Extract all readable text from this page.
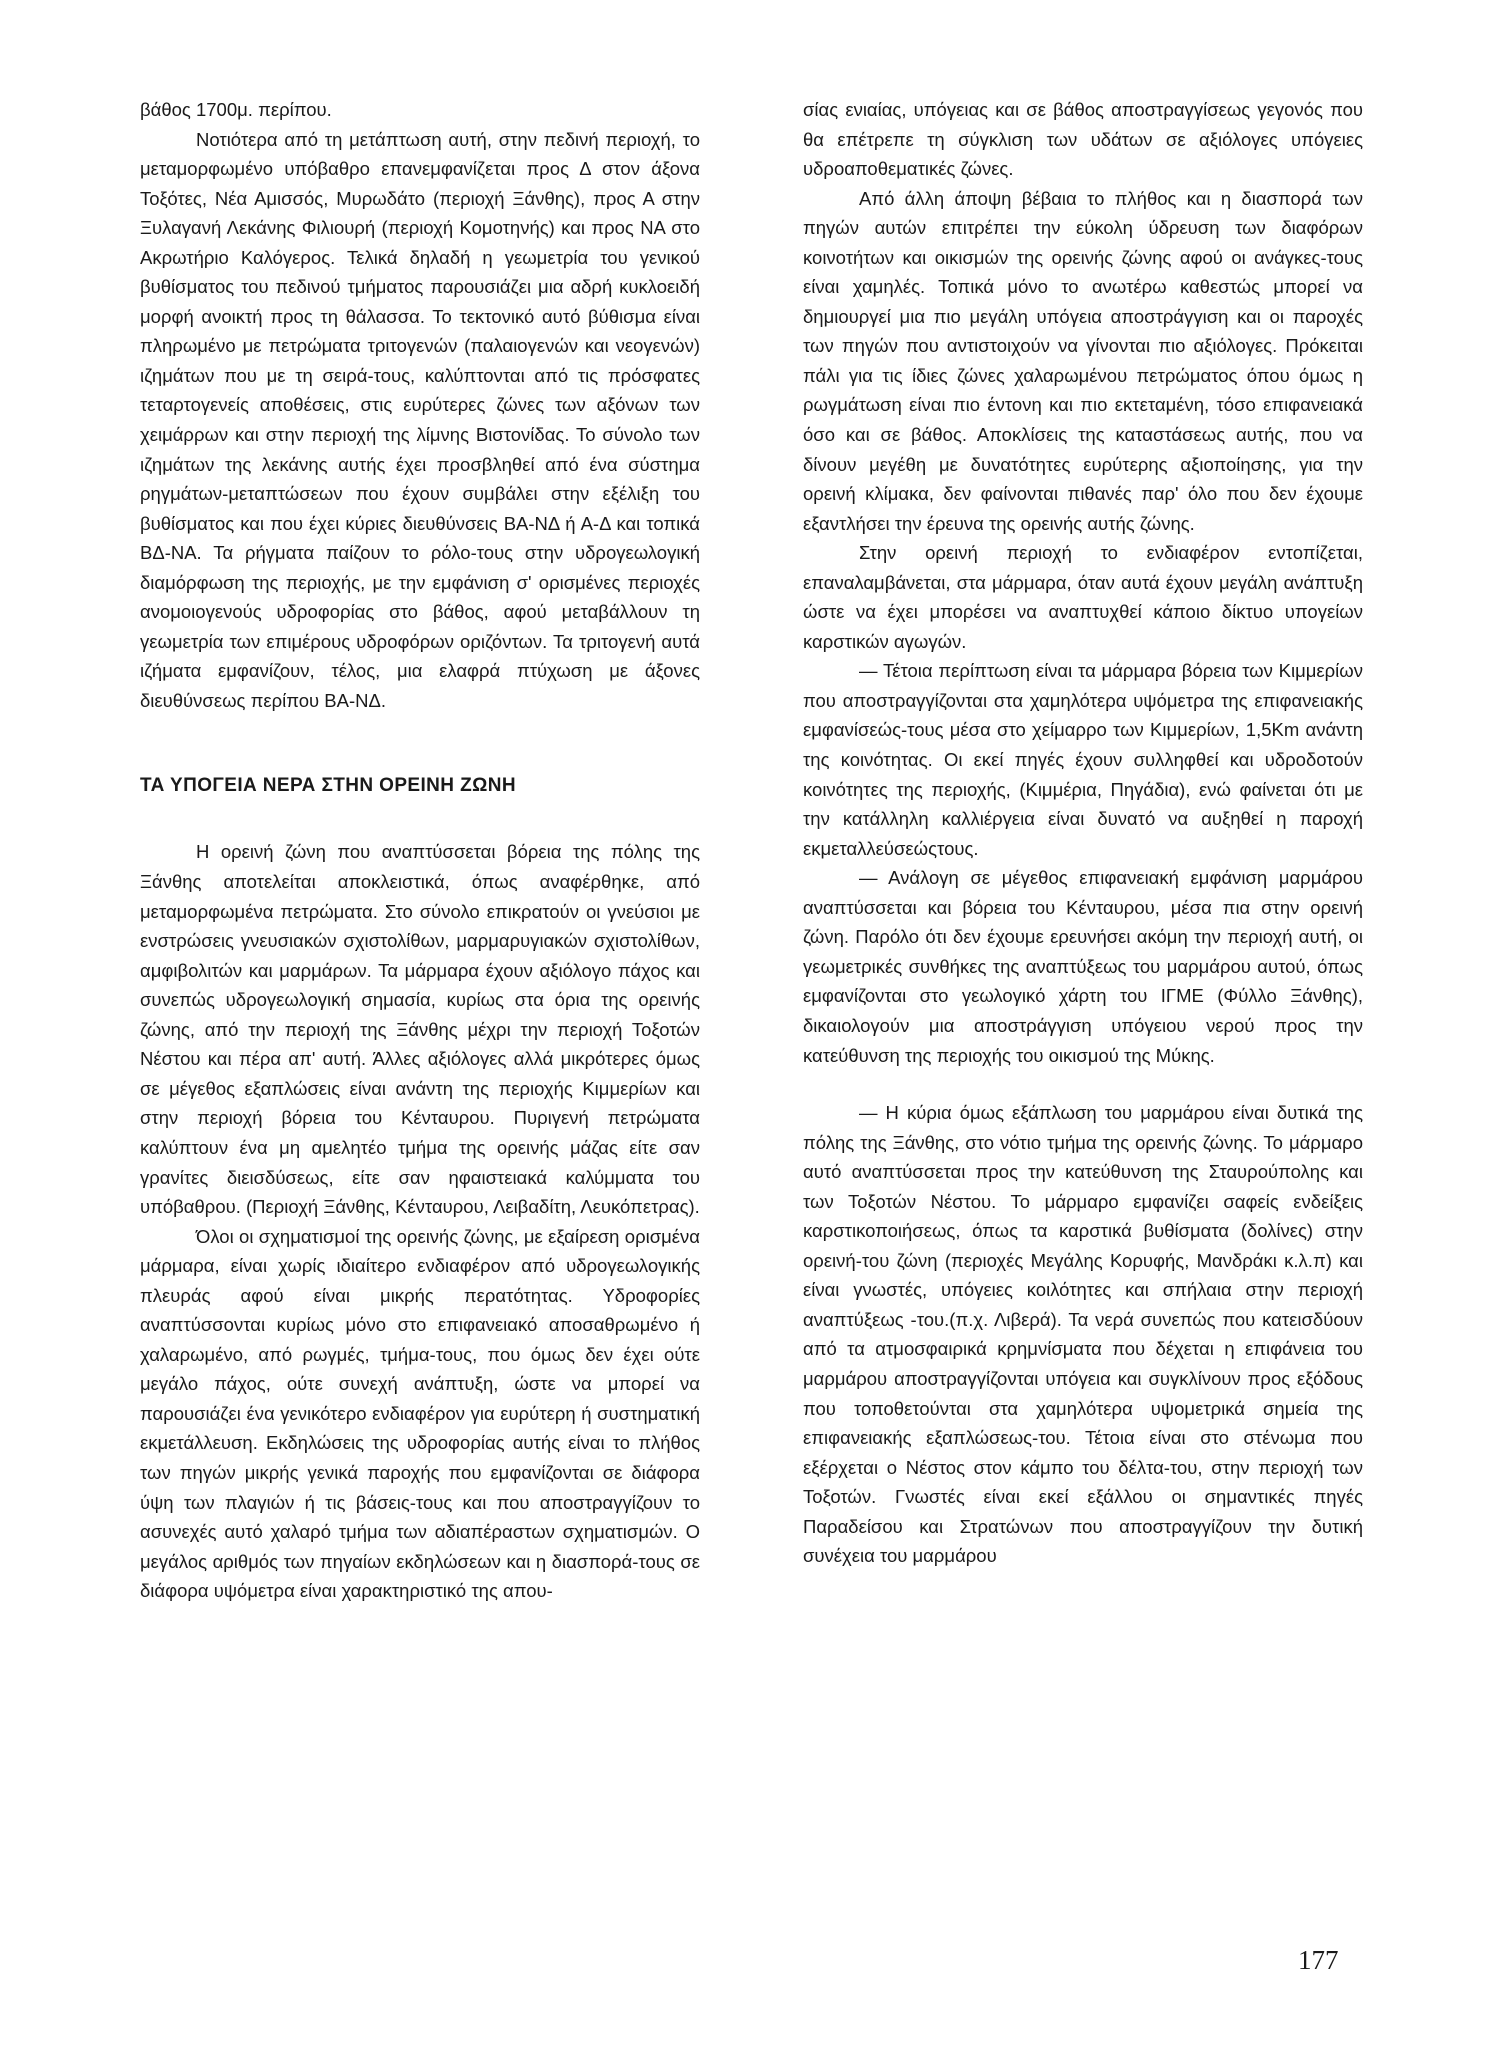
βάθος 1700μ. περίπου.

Νοτιότερα από τη μετάπτωση αυτή, στην πεδινή περιοχή, το μεταμορφωμένο υπόβαθρο επανεμφανίζεται προς Δ στον άξονα Τοξότες, Νέα Αμισσός, Μυρωδάτο (περιοχή Ξάνθης), προς Α στην Ξυλαγανή Λεκάνης Φιλιουρή (περιοχή Κομοτηνής) και προς ΝΑ στο Ακρωτήριο Καλόγερος. Τελικά δηλαδή η γεωμετρία του γενικού βυθίσματος του πεδινού τμήματος παρουσιάζει μια αδρή κυκλοειδή μορφή ανοικτή προς τη θάλασσα. Το τεκτονικό αυτό βύθισμα είναι πληρωμένο με πετρώματα τριτογενών (παλαιογενών και νεογενών) ιζημάτων που με τη σειρά-τους, καλύπτονται από τις πρόσφατες τεταρτογενείς αποθέσεις, στις ευρύτερες ζώνες των αξόνων των χειμάρρων και στην περιοχή της λίμνης Βιστονίδας. Το σύνολο των ιζημάτων της λεκάνης αυτής έχει προσβληθεί από ένα σύστημα ρηγμάτων-μεταπτώσεων που έχουν συμβάλει στην εξέλιξη του βυθίσματος και που έχει κύριες διευθύνσεις ΒΑ-ΝΔ ή Α-Δ και τοπικά ΒΔ-ΝΑ. Τα ρήγματα παίζουν το ρόλο-τους στην υδρογεωλογική διαμόρφωση της περιοχής, με την εμφάνιση σ' ορισμένες περιοχές ανομοιογενούς υδροφορίας στο βάθος, αφού μεταβάλλουν τη γεωμετρία των επιμέρους υδροφόρων οριζόντων. Τα τριτογενή αυτά ιζήματα εμφανίζουν, τέλος, μια ελαφρά πτύχωση με άξονες διευθύνσεως περίπου ΒΑ-ΝΔ.

ΤΑ ΥΠΟΓΕΙΑ ΝΕΡΑ ΣΤΗΝ ΟΡΕΙΝΗ ΖΩΝΗ

Η ορεινή ζώνη που αναπτύσσεται βόρεια της πόλης της Ξάνθης αποτελείται αποκλειστικά, όπως αναφέρθηκε, από μεταμορφωμένα πετρώματα. Στο σύνολο επικρατούν οι γνεύσιοι με ενστρώσεις γνευσιακών σχιστολίθων, μαρμαρυγιακών σχιστολίθων, αμφιβολιτών και μαρμάρων. Τα μάρμαρα έχουν αξιόλογο πάχος και συνεπώς υδρογεωλογική σημασία, κυρίως στα όρια της ορεινής ζώνης, από την περιοχή της Ξάνθης μέχρι την περιοχή Τοξοτών Νέστου και πέρα απ' αυτή. Άλλες αξιόλογες αλλά μικρότερες όμως σε μέγεθος εξαπλώσεις είναι ανάντη της περιοχής Κιμμερίων και στην περιοχή βόρεια του Κένταυρου. Πυριγενή πετρώματα καλύπτουν ένα μη αμελητέο τμήμα της ορεινής μάζας είτε σαν γρανίτες διεισδύσεως, είτε σαν ηφαιστειακά καλύμματα του υπόβαθρου. (Περιοχή Ξάνθης, Κένταυρου, Λειβαδίτη, Λευκόπετρας).

Όλοι οι σχηματισμοί της ορεινής ζώνης, με εξαίρεση ορισμένα μάρμαρα, είναι χωρίς ιδιαίτερο ενδιαφέρον από υδρογεωλογικής πλευράς αφού είναι μικρής περατότητας. Υδροφορίες αναπτύσσονται κυρίως μόνο στο επιφανειακό αποσαθρωμένο ή χαλαρωμένο, από ρωγμές, τμήμα-τους, που όμως δεν έχει ούτε μεγάλο πάχος, ούτε συνεχή ανάπτυξη, ώστε να μπορεί να παρουσιάζει ένα γενικότερο ενδιαφέρον για ευρύτερη ή συστηματική εκμετάλλευση. Εκδηλώσεις της υδροφορίας αυτής είναι το πλήθος των πηγών μικρής γενικά παροχής που εμφανίζονται σε διάφορα ύψη των πλαγιών ή τις βάσεις-τους και που αποστραγγίζουν το ασυνεχές αυτό χαλαρό τμήμα των αδιαπέραστων σχηματισμών. Ο μεγάλος αριθμός των πηγαίων εκδηλώσεων και η διασπορά-τους σε διάφορα υψόμετρα είναι χαρακτηριστικό της απου-

σίας ενιαίας, υπόγειας και σε βάθος αποστραγγίσεως γεγονός που θα επέτρεπε τη σύγκλιση των υδάτων σε αξιόλογες υπόγειες υδροαποθεματικές ζώνες.

Από άλλη άποψη βέβαια το πλήθος και η διασπορά των πηγών αυτών επιτρέπει την εύκολη ύδρευση των διαφόρων κοινοτήτων και οικισμών της ορεινής ζώνης αφού οι ανάγκες-τους είναι χαμηλές. Τοπικά μόνο το ανωτέρω καθεστώς μπορεί να δημιουργεί μια πιο μεγάλη υπόγεια αποστράγγιση και οι παροχές των πηγών που αντιστοιχούν να γίνονται πιο αξιόλογες. Πρόκειται πάλι για τις ίδιες ζώνες χαλαρωμένου πετρώματος όπου όμως η ρωγμάτωση είναι πιο έντονη και πιο εκτεταμένη, τόσο επιφανειακά όσο και σε βάθος. Αποκλίσεις της καταστάσεως αυτής, που να δίνουν μεγέθη με δυνατότητες ευρύτερης αξιοποίησης, για την ορεινή κλίμακα, δεν φαίνονται πιθανές παρ' όλο που δεν έχουμε εξαντλήσει την έρευνα της ορεινής αυτής ζώνης.

Στην ορεινή περιοχή το ενδιαφέρον εντοπίζεται, επαναλαμβάνεται, στα μάρμαρα, όταν αυτά έχουν μεγάλη ανάπτυξη ώστε να έχει μπορέσει να αναπτυχθεί κάποιο δίκτυο υπογείων καρστικών αγωγών.

— Τέτοια περίπτωση είναι τα μάρμαρα βόρεια των Κιμμερίων που αποστραγγίζονται στα χαμηλότερα υψόμετρα της επιφανειακής εμφανίσεώς-τους μέσα στο χείμαρρο των Κιμμερίων, 1,5Km ανάντη της κοινότητας. Οι εκεί πηγές έχουν συλληφθεί και υδροδοτούν κοινότητες της περιοχής, (Κιμμέρια, Πηγάδια), ενώ φαίνεται ότι με την κατάλληλη καλλιέργεια είναι δυνατό να αυξηθεί η παροχή εκμεταλλεύσεώςτους.

— Ανάλογη σε μέγεθος επιφανειακή εμφάνιση μαρμάρου αναπτύσσεται και βόρεια του Κένταυρου, μέσα πια στην ορεινή ζώνη. Παρόλο ότι δεν έχουμε ερευνήσει ακόμη την περιοχή αυτή, οι γεωμετρικές συνθήκες της αναπτύξεως του μαρμάρου αυτού, όπως εμφανίζονται στο γεωλογικό χάρτη του ΙΓΜΕ (Φύλλο Ξάνθης), δικαιολογούν μια αποστράγγιση υπόγειου νερού προς την κατεύθυνση της περιοχής του οικισμού της Μύκης.

— Η κύρια όμως εξάπλωση του μαρμάρου είναι δυτικά της πόλης της Ξάνθης, στο νότιο τμήμα της ορεινής ζώνης. Το μάρμαρο αυτό αναπτύσσεται προς την κατεύθυνση της Σταυρούπολης και των Τοξοτών Νέστου. Το μάρμαρο εμφανίζει σαφείς ενδείξεις καρστικοποιήσεως, όπως τα καρστικά βυθίσματα (δολίνες) στην ορεινή-του ζώνη (περιοχές Μεγάλης Κορυφής, Μανδράκι κ.λ.π) και είναι γνωστές, υπόγειες κοιλότητες και σπήλαια στην περιοχή αναπτύξεως -του.(π.χ. Λιβερά). Τα νερά συνεπώς που κατεισδύουν από τα ατμοσφαιρικά κρημνίσματα που δέχεται η επιφάνεια του μαρμάρου αποστραγγίζονται υπόγεια και συγκλίνουν προς εξόδους που τοποθετούνται στα χαμηλότερα υψομετρικά σημεία της επιφανειακής εξαπλώσεως-του. Τέτοια είναι στο στένωμα που εξέρχεται ο Νέστος στον κάμπο του δέλτα-του, στην περιοχή των Τοξοτών. Γνωστές είναι εκεί εξάλλου οι σημαντικές πηγές Παραδείσου και Στρατώνων που αποστραγγίζουν την δυτική συνέχεια του μαρμάρου

177
